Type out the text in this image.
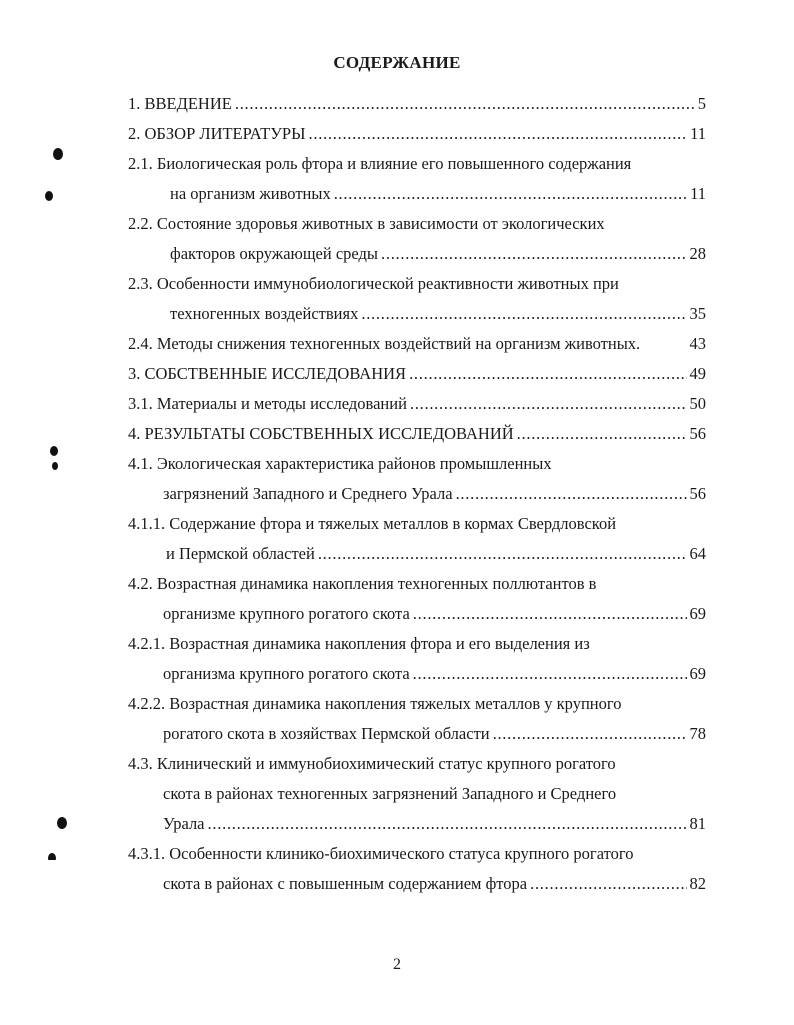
СОДЕРЖАНИЕ
1. ВВЕДЕНИЕ . . .	5
2. ОБЗОР ЛИТЕРАТУРЫ . . .	11
2.1. Биологическая роль фтора и влияние его повышенного содержания
на организм животных . . .	11
2.2. Состояние здоровья животных в зависимости от экологических
факторов окружающей среды . . .	28
2.3. Особенности иммунобиологической реактивности животных при
техногенных воздействиях . . .	35
2.4. Методы снижения техногенных воздействий на организм животных.	43
3. СОБСТВЕННЫЕ ИССЛЕДОВАНИЯ . . .	49
3.1. Материалы и методы исследований . . .	50
4. РЕЗУЛЬТАТЫ СОБСТВЕННЫХ ИССЛЕДОВАНИЙ . . .	56
4.1. Экологическая характеристика районов промышленных
загрязнений Западного и Среднего Урала . . .	56
4.1.1. Содержание фтора и тяжелых металлов в кормах Свердловской
и Пермской областей . . .	64
4.2. Возрастная динамика накопления техногенных поллютантов в
организме крупного рогатого скота . . .	69
4.2.1. Возрастная динамика накопления фтора и его выделения из
организма крупного рогатого скота . . .	69
4.2.2. Возрастная динамика накопления тяжелых металлов у крупного
рогатого скота в хозяйствах Пермской области . . .	78
4.3. Клинический и иммунобиохимический статус крупного рогатого
скота в районах техногенных загрязнений Западного и Среднего
Урала . . .	81
4.3.1. Особенности клинико-биохимического статуса крупного рогатого
скота в районах с повышенным содержанием фтора . . .	82
2
